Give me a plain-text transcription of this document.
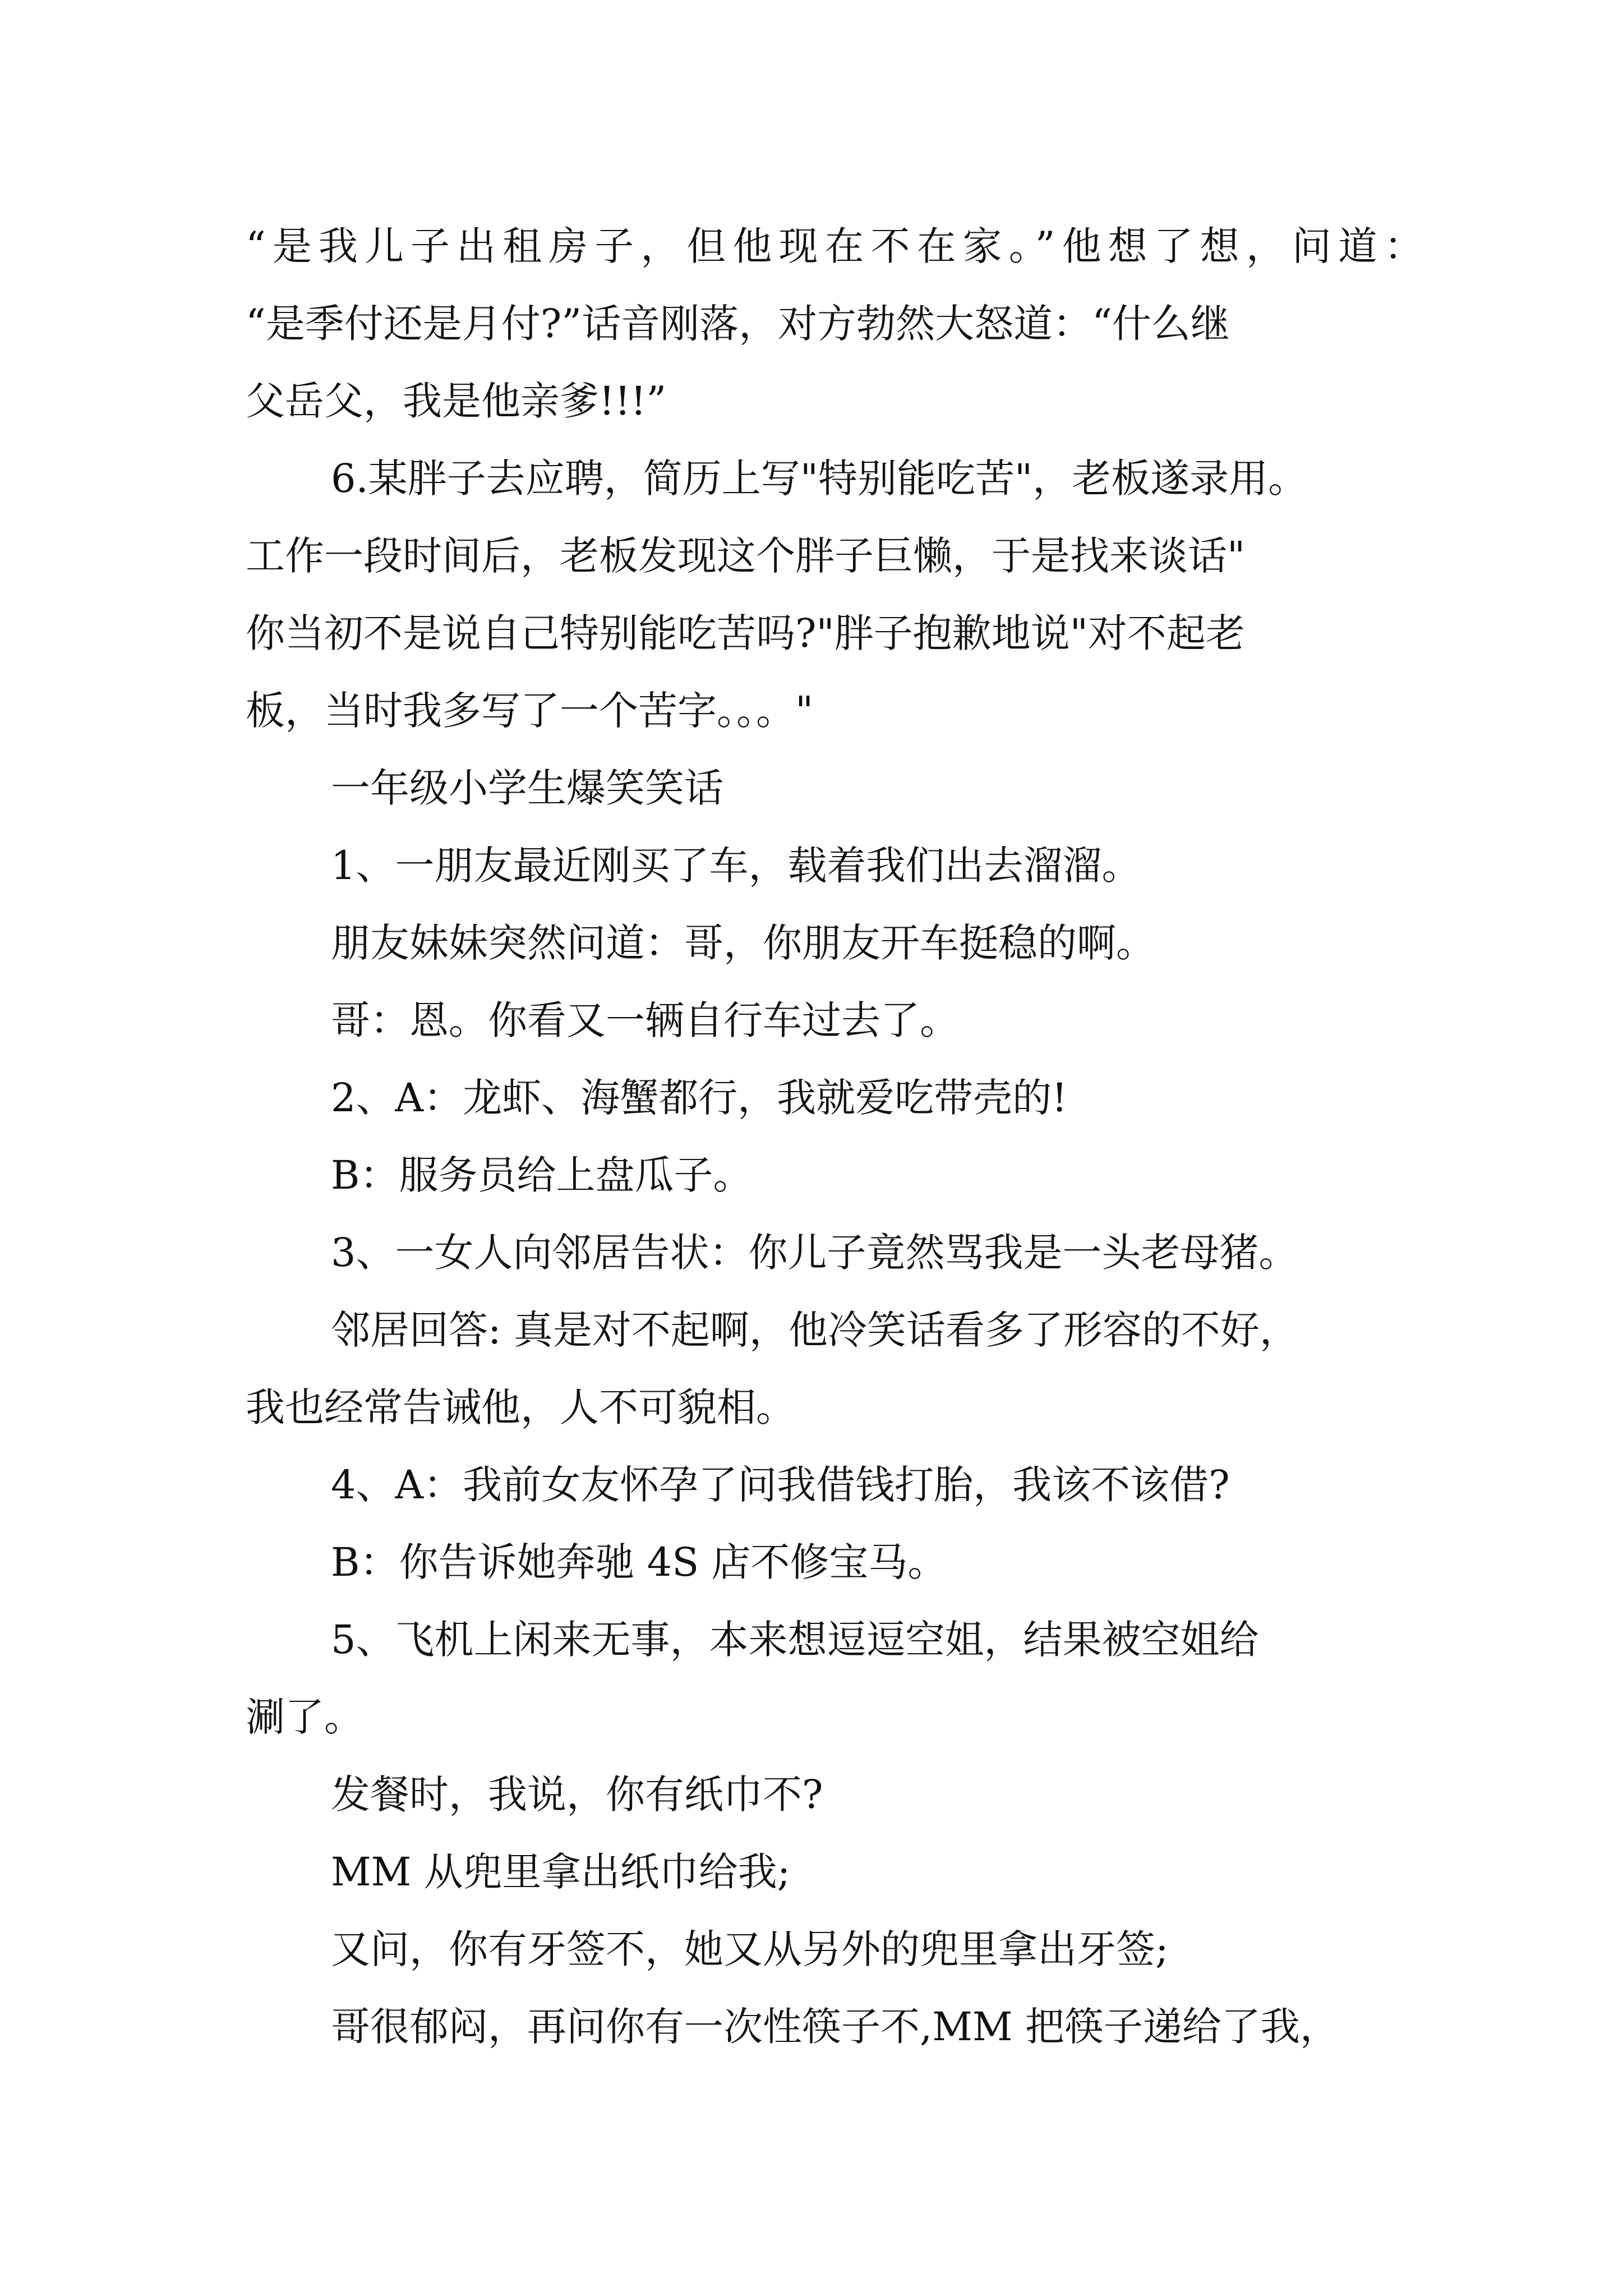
“是我儿子出租房子，但他现在不在家。”他想了想，问道：
“是季付还是月付?”话音刚落，对方勃然大怒道：“什么继
父岳父，我是他亲爹!!!”
6.某胖子去应聘，简历上写"特别能吃苦"，老板遂录用。
工作一段时间后，老板发现这个胖子巨懒，于是找来谈话"
你当初不是说自己特别能吃苦吗?"胖子抱歉地说"对不起老
板，当时我多写了一个苦字。。。"
一年级小学生爆笑笑话
1、一朋友最近刚买了车，载着我们出去溜溜。
朋友妹妹突然问道：哥，你朋友开车挺稳的啊。
哥：恩。你看又一辆自行车过去了。
2、A：龙虾、海蟹都行，我就爱吃带壳的!
B：服务员给上盘瓜子。
3、一女人向邻居告状：你儿子竟然骂我是一头老母猪。
邻居回答: 真是对不起啊，他冷笑话看多了形容的不好，
我也经常告诫他，人不可貌相。
4、A：我前女友怀孕了问我借钱打胎，我该不该借?
B：你告诉她奔驰 4S 店不修宝马。
5、飞机上闲来无事，本来想逗逗空姐，结果被空姐给
涮了。
发餐时，我说，你有纸巾不?
MM 从兜里拿出纸巾给我;
又问，你有牙签不，她又从另外的兜里拿出牙签;
哥很郁闷，再问你有一次性筷子不,MM 把筷子递给了我，
